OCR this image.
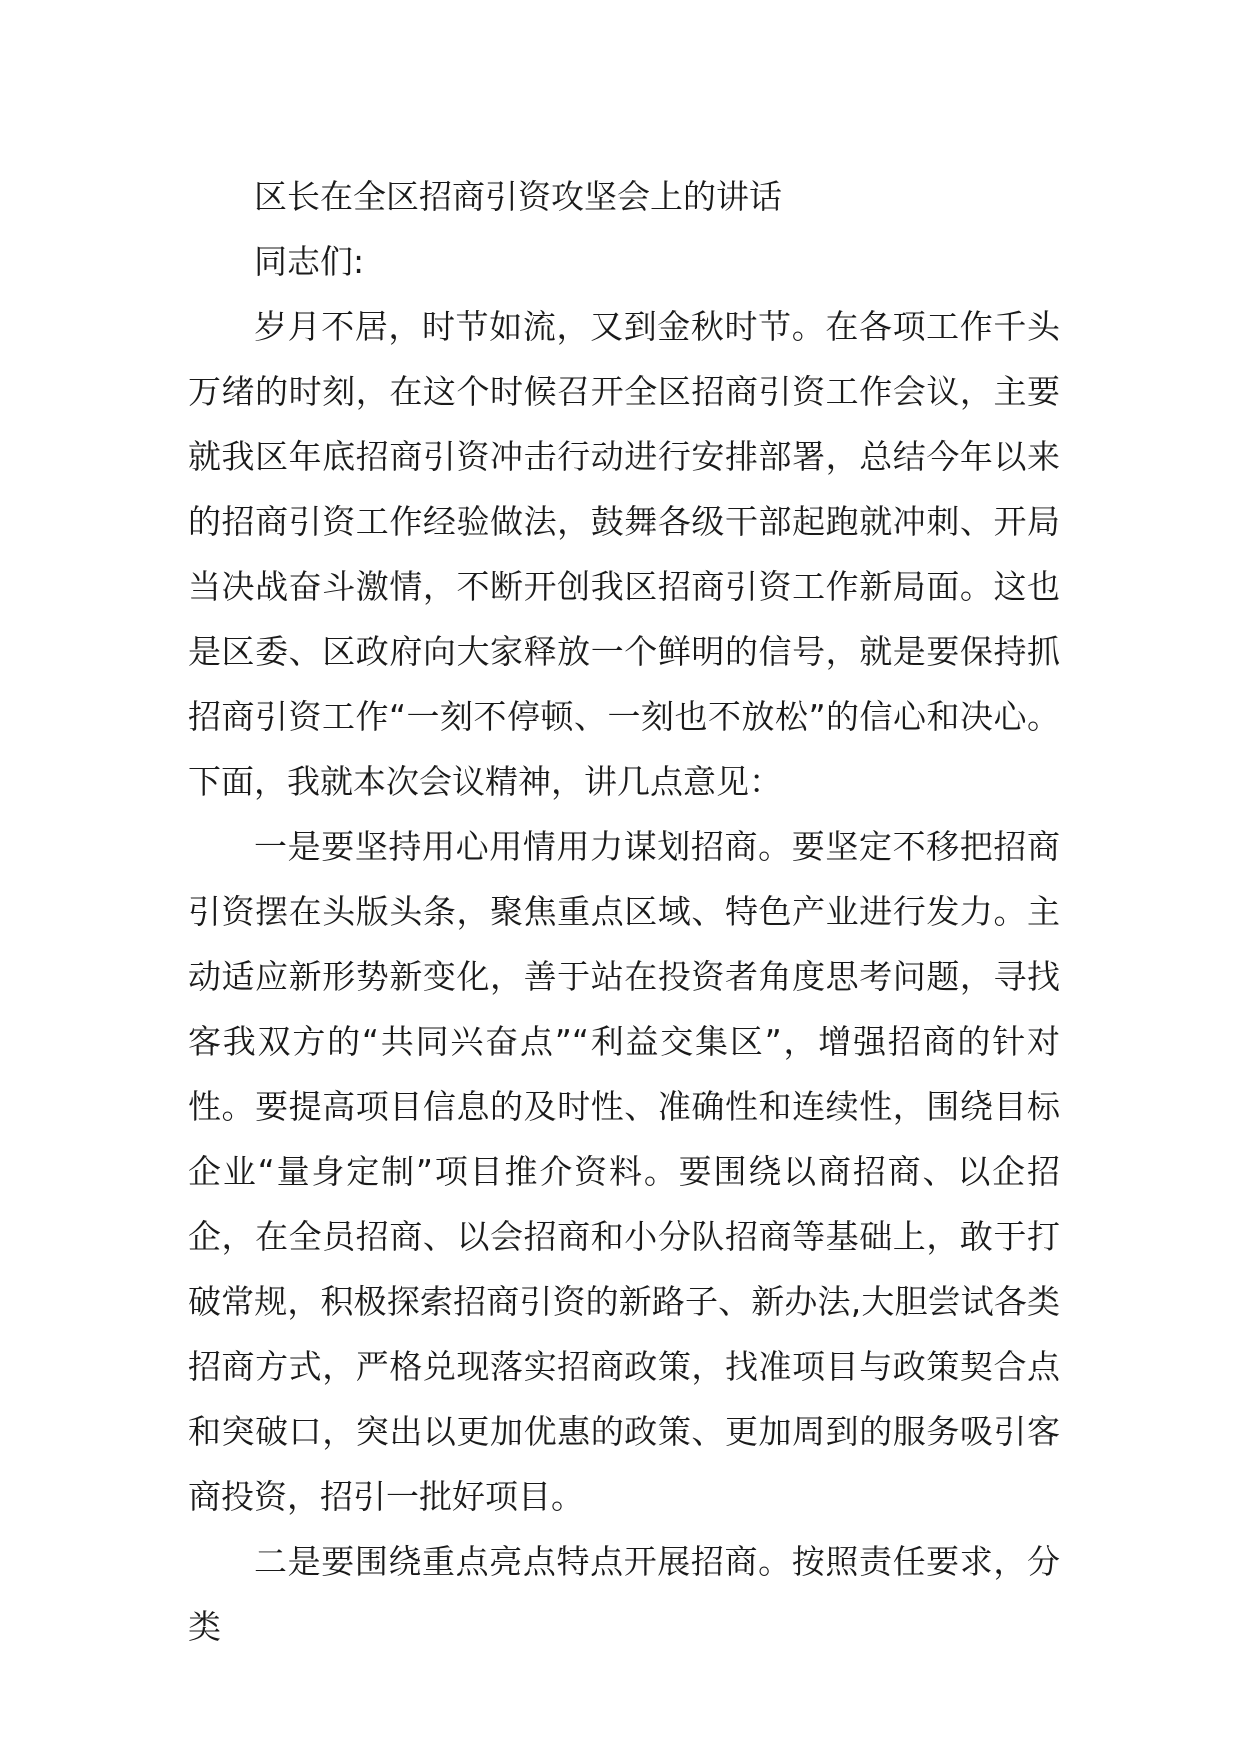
区长在全区招商引资攻坚会上的讲话

同志们:

岁月不居，时节如流，又到金秋时节。在各项工作千头万绪的时刻，在这个时候召开全区招商引资工作会议，主要就我区年底招商引资冲击行动进行安排部署，总结今年以来的招商引资工作经验做法，鼓舞各级干部起跑就冲刺、开局当决战奋斗激情，不断开创我区招商引资工作新局面。这也是区委、区政府向大家释放一个鲜明的信号，就是要保持抓招商引资工作“一刻不停顿、一刻也不放松”的信心和决心。下面，我就本次会议精神，讲几点意见：

一是要坚持用心用情用力谋划招商。要坚定不移把招商引资摆在头版头条，聚焦重点区域、特色产业进行发力。主动适应新形势新变化，善于站在投资者角度思考问题，寻找客我双方的“共同兴奋点”“利益交集区”，增强招商的针对性。要提高项目信息的及时性、准确性和连续性，围绕目标企业“量身定制”项目推介资料。要围绕以商招商、以企招企，在全员招商、以会招商和小分队招商等基础上，敢于打破常规，积极探索招商引资的新路子、新办法,大胆尝试各类招商方式，严格兑现落实招商政策，找准项目与政策契合点和突破口，突出以更加优惠的政策、更加周到的服务吸引客商投资，招引一批好项目。

二是要围绕重点亮点特点开展招商。按照责任要求，分类
